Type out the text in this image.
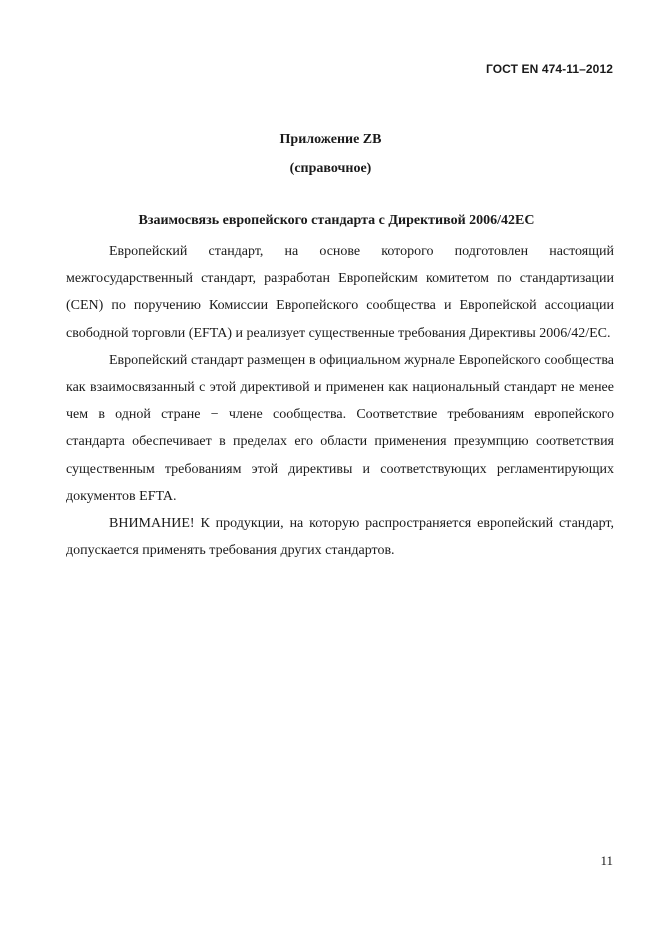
ГОСТ EN 474-11–2012
Приложение ZB
(справочное)
Взаимосвязь европейского стандарта с Директивой 2006/42ЕС

Европейский стандарт, на основе которого подготовлен настоящий межгосударственный стандарт, разработан Европейским комитетом по стандартизации (CEN) по поручению Комиссии Европейского сообщества и Европейской ассоциации свободной торговли (EFTA) и реализует существенные требования Директивы 2006/42/EC.

Европейский стандарт размещен в официальном журнале Европейского сообщества как взаимосвязанный с этой директивой и применен как национальный стандарт не менее чем в одной стране − члене сообщества. Соответствие требованиям европейского стандарта обеспечивает в пределах его области применения презумпцию соответствия существенным требованиям этой директивы и соответствующих регламентирующих документов EFTA.

ВНИМАНИЕ! К продукции, на которую распространяется европейский стандарт, допускается применять требования других стандартов.

11
